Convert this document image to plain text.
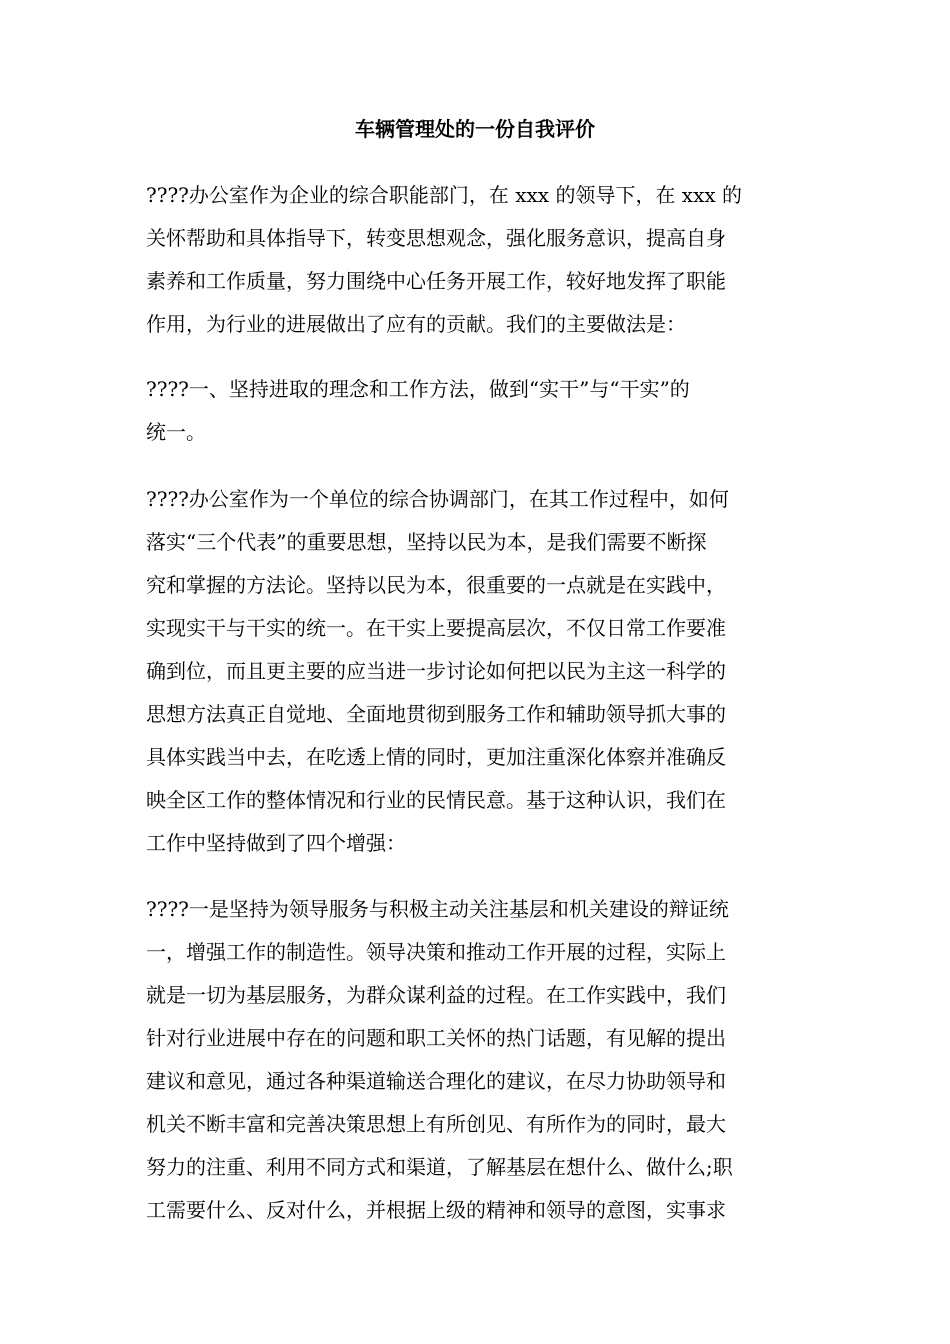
车辆管理处的一份自我评价
????办公室作为企业的综合职能部门，在 xxx 的领导下，在 xxx 的
关怀帮助和具体指导下，转变思想观念，强化服务意识，提高自身
素养和工作质量，努力围绕中心任务开展工作，较好地发挥了职能
作用，为行业的进展做出了应有的贡献。我们的主要做法是：
????一、坚持进取的理念和工作方法，做到“实干”与“干实”的
统一。
????办公室作为一个单位的综合协调部门，在其工作过程中，如何
落实“三个代表”的重要思想，坚持以民为本，是我们需要不断探
究和掌握的方法论。坚持以民为本，很重要的一点就是在实践中，
实现实干与干实的统一。在干实上要提高层次，不仅日常工作要准
确到位，而且更主要的应当进一步讨论如何把以民为主这一科学的
思想方法真正自觉地、全面地贯彻到服务工作和辅助领导抓大事的
具体实践当中去，在吃透上情的同时，更加注重深化体察并准确反
映全区工作的整体情况和行业的民情民意。基于这种认识，我们在
工作中坚持做到了四个增强：
????一是坚持为领导服务与积极主动关注基层和机关建设的辩证统
一，增强工作的制造性。领导决策和推动工作开展的过程，实际上
就是一切为基层服务，为群众谋利益的过程。在工作实践中，我们
针对行业进展中存在的问题和职工关怀的热门话题，有见解的提出
建议和意见，通过各种渠道输送合理化的建议，在尽力协助领导和
机关不断丰富和完善决策思想上有所创见、有所作为的同时，最大
努力的注重、利用不同方式和渠道，了解基层在想什么、做什么;职
工需要什么、反对什么，并根据上级的精神和领导的意图，实事求
